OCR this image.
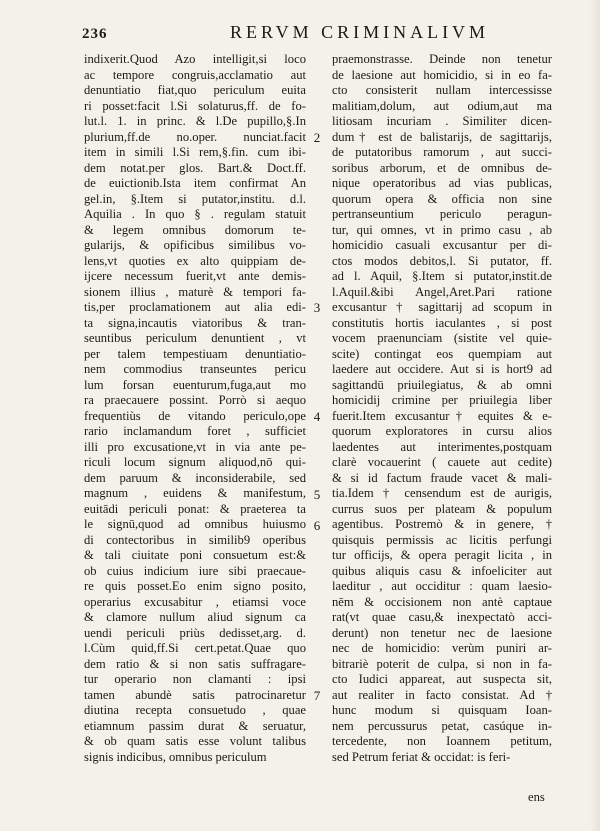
236	RERVM CRIMINALIVM
indixerit.Quod Azo intelligit,si loco
ac tempore congruis,acclamatio aut
denuntiatio fiat,quo periculum euita
ri posset:facit l.Si solaturus,ff. de fo-
lut.l. 1. in princ. & l.De pupillo,§.In
plurium,ff.de no.oper. nunciat.facit
item in simili l.Si rem,§.fin. cum ibi-
dem notat.per glos. Bart.& Doct.ff.
de euictionib.Ista item confirmat An
gel.in, §.Item si putator,institu. d.l.
Aquilia . In quo § . regulam statuit
& legem omnibus domorum te-
gularijs, & opificibus similibus vo-
lens,vt quoties ex alto quippiam de-
ijcere necessum fuerit,vt ante demis-
sionem illius , maturè & tempori fa-
tis,per proclamationem aut alia edi-
ta signa,incautis viatoribus & tran-
seuntibus periculum denuntient , vt
per talem tempestiuam denuntiatio-
nem commodius transeuntes pericu
lum forsan euenturum,fuga,aut mo
ra praecauere possint. Porrò si aequo
frequentiùs de vitando periculo,ope
rario inclamandum foret , sufficiet
illi pro excusatione,vt in via ante pe-
riculi locum signum aliquod,nō qui-
dem paruum & inconsiderabile, sed
magnum , euidens & manifestum,
euitādi periculi ponat: & praeterea ta
le signū,quod ad omnibus huiusmo
di contectoribus in similib9 operibus
& tali ciuitate poni consuetum est:&
ob cuius indicium iure sibi praecaue-
re quis posset.Eo enim signo posito,
operarius excusabitur , etiamsi voce
& clamore nullum aliud signum ca
uendi periculi priùs dedisset,arg. d.
l.Cùm quid,ff.Si cert.petat.Quae quo
dem ratio & si non satis suffragare-
tur operario non clamanti : ipsi
tamen abundè satis patrocinaretur
diutina recepta consuetudo , quae
etiamnum passim durat & seruatur,
& ob quam satis esse volunt talibus
signis indicibus, omnibus periculum
praemonstrasse. Deinde non tenetur
de laesione aut homicidio, si in eo fa-
cto consisterit nullam intercessisse
malitiam,dolum, aut odium,aut ma
litiosam incuriam . Similiter dicen-
dum† est de balistarijs, de sagittarijs,
de putatoribus ramorum , aut succi-
soribus arborum, et de omnibus de-
nique operatoribus ad vias publicas,
quorum opera & officia non sine
pertranseuntium periculo peragun-
tur, qui omnes, vt in primo casu , ab
homicidio casuali excusantur per di-
ctos modos debitos,l. Si putator, ff.
ad l. Aquil, §.Item si putator,instit.de
l.Aquil.&ibi Angel,Aret.Pari ratione
excusantur † sagittarij ad scopum in
constitutis hortis iaculantes , si post
vocem praenunciam (sistite vel quie-
scite) contingat eos quempiam aut
laedere aut occidere. Aut si is hort9 ad
sagittandū priuilegiatus, & ab omni
homicidij crimine per priuilegia liber
fuerit.Item excusantur† equites & e-
quorum exploratores in cursu alios
laedentes aut interimentes,postquam
clarè vocauerint ( cauete aut cedite)
& si id factum fraude vacet & mali-
tia.Idem † censendum est de aurigis,
currus suos per plateam & populum
agentibus. Postremò & in genere, †
quisquis permissis ac licitis perfungi
tur officijs, & opera peragit licita , in
quibus aliquis casu & infoeliciter aut
laeditur , aut occiditur : quam laesio-
nēm & occisionem non antè captaue
rat(vt quae casu,& inexpectatò acci-
derunt) non tenetur nec de laesione
nec de homicidio: verùm puniri ar-
bitrariè poterit de culpa, si non in fa-
cto Iudici appareat, aut suspecta sit,
aut realiter in facto consistat. Ad †
hunc modum si quisquam Ioan-
nem percussurus petat, casúque in-
tercedente, non Ioannem petitum,
sed Petrum feriat & occidat: is feri-
2
3
4
5
6
7
ens
